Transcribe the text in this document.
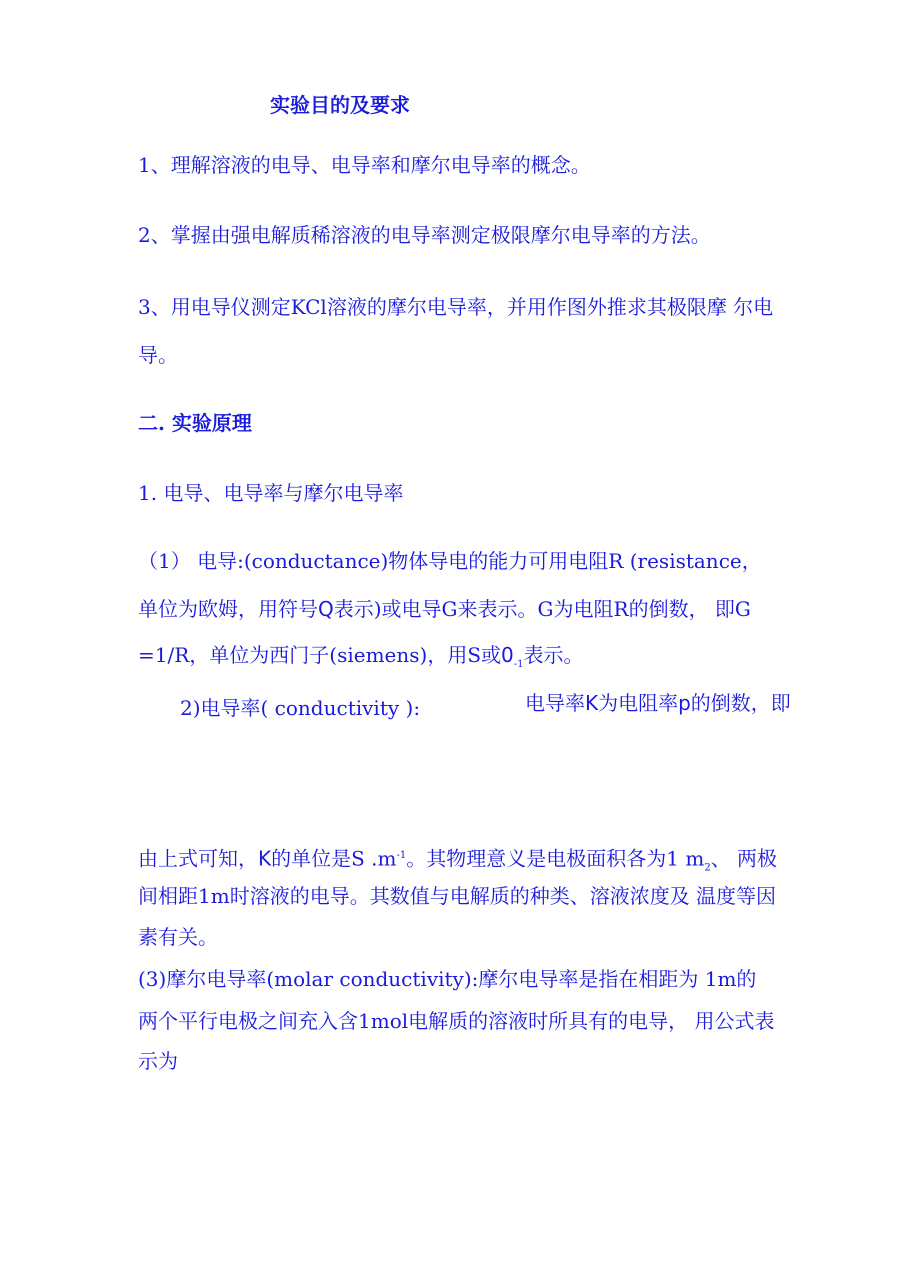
实验目的及要求
1、理解溶液的电导、电导率和摩尔电导率的概念。
2、掌握由强电解质稀溶液的电导率测定极限摩尔电导率的方法。
3、用电导仪测定KCl溶液的摩尔电导率，并用作图外推求其极限摩 尔电
导。
二. 实验原理
1. 电导、电导率与摩尔电导率
（1） 电导:(conductance)物体导电的能力可用电阻R (resistance，
单位为欧姆，用符号Q表示)或电导G来表示。G为电阻R的倒数， 即G
=1/R，单位为西门子(siemens)，用S或$0_{-1}$表示。
2)电导率( conductivity ):	电导率K为电阻率p的倒数，即
由上式可知，K的单位是S $.m^{-1}$。其物理意义是电极面积各为1 $m_2$、 两极
间相距1m时溶液的电导。其数值与电解质的种类、溶液浓度及 温度等因
素有关。
(3)摩尔电导率(molar conductivity):摩尔电导率是指在相距为 1m的
两个平行电极之间充入含1mol电解质的溶液时所具有的电导， 用公式表
示为
